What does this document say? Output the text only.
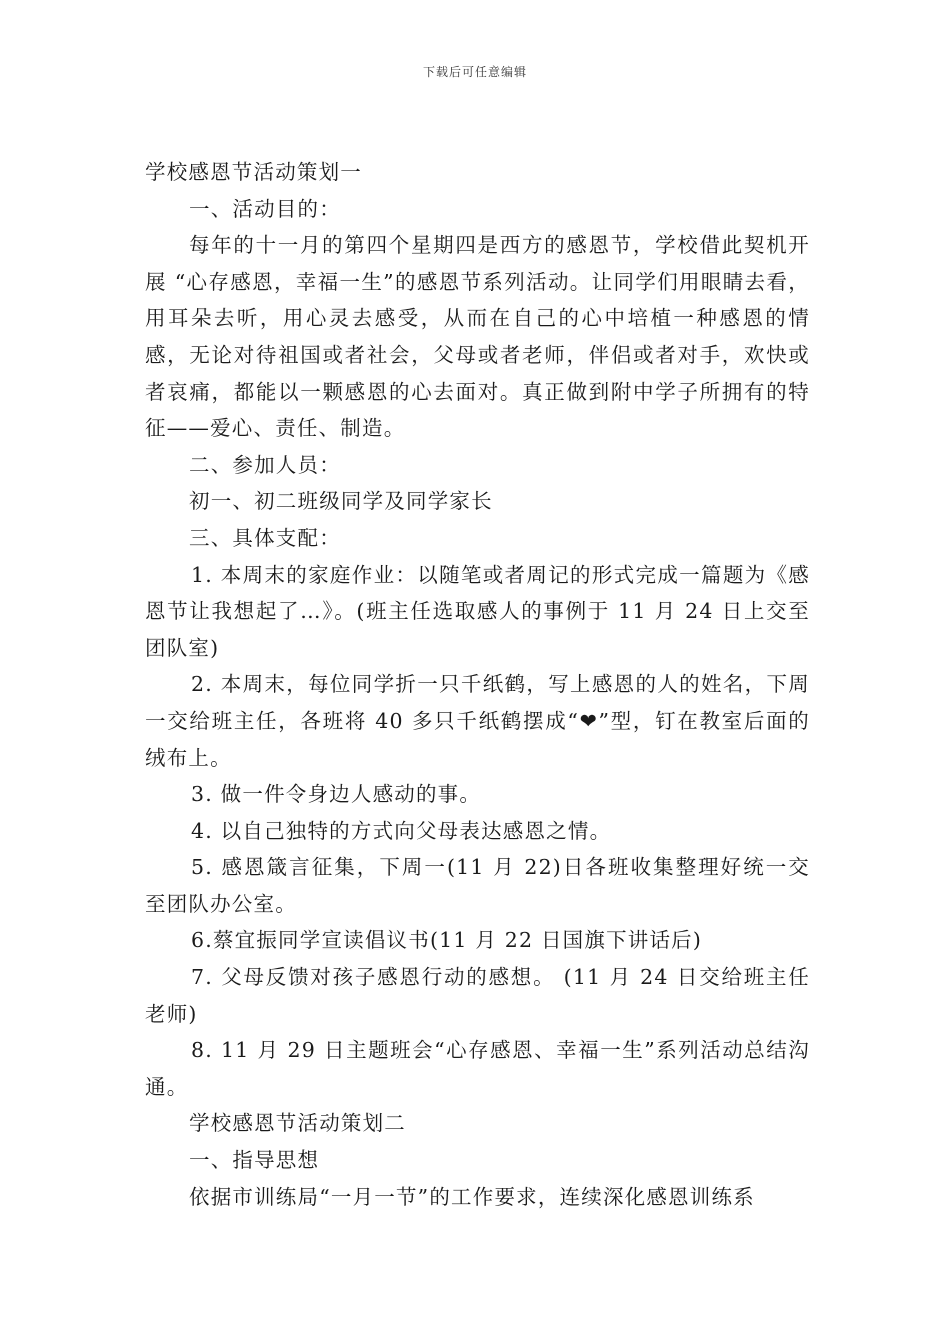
下载后可任意编辑

学校感恩节活动策划一

一、活动目的：

每年的十一月的第四个星期四是西方的感恩节，学校借此契机开展 “心存感恩，幸福一生”的感恩节系列活动。让同学们用眼睛去看，用耳朵去听，用心灵去感受，从而在自己的心中培植一种感恩的情感，无论对待祖国或者社会，父母或者老师，伴侣或者对手，欢快或者哀痛，都能以一颗感恩的心去面对。真正做到附中学子所拥有的特征——爱心、责任、制造。

二、参加人员：

初一、初二班级同学及同学家长

三、具体支配：

1. 本周末的家庭作业：以随笔或者周记的形式完成一篇题为《感恩节让我想起了…》。(班主任选取感人的事例于 11 月 24 日上交至团队室)

2. 本周末，每位同学折一只千纸鹤，写上感恩的人的姓名，下周一交给班主任，各班将 40 多只千纸鹤摆成“❤”型，钉在教室后面的绒布上。

3. 做一件令身边人感动的事。

4. 以自己独特的方式向父母表达感恩之情。

5. 感恩箴言征集，下周一(11 月 22)日各班收集整理好统一交至团队办公室。

6.蔡宜振同学宣读倡议书(11 月 22 日国旗下讲话后)

7. 父母反馈对孩子感恩行动的感想。 (11 月 24 日交给班主任老师)

8. 11 月 29 日主题班会“心存感恩、幸福一生”系列活动总结沟通。

学校感恩节活动策划二

一、指导思想

依据市训练局“一月一节”的工作要求，连续深化感恩训练系
